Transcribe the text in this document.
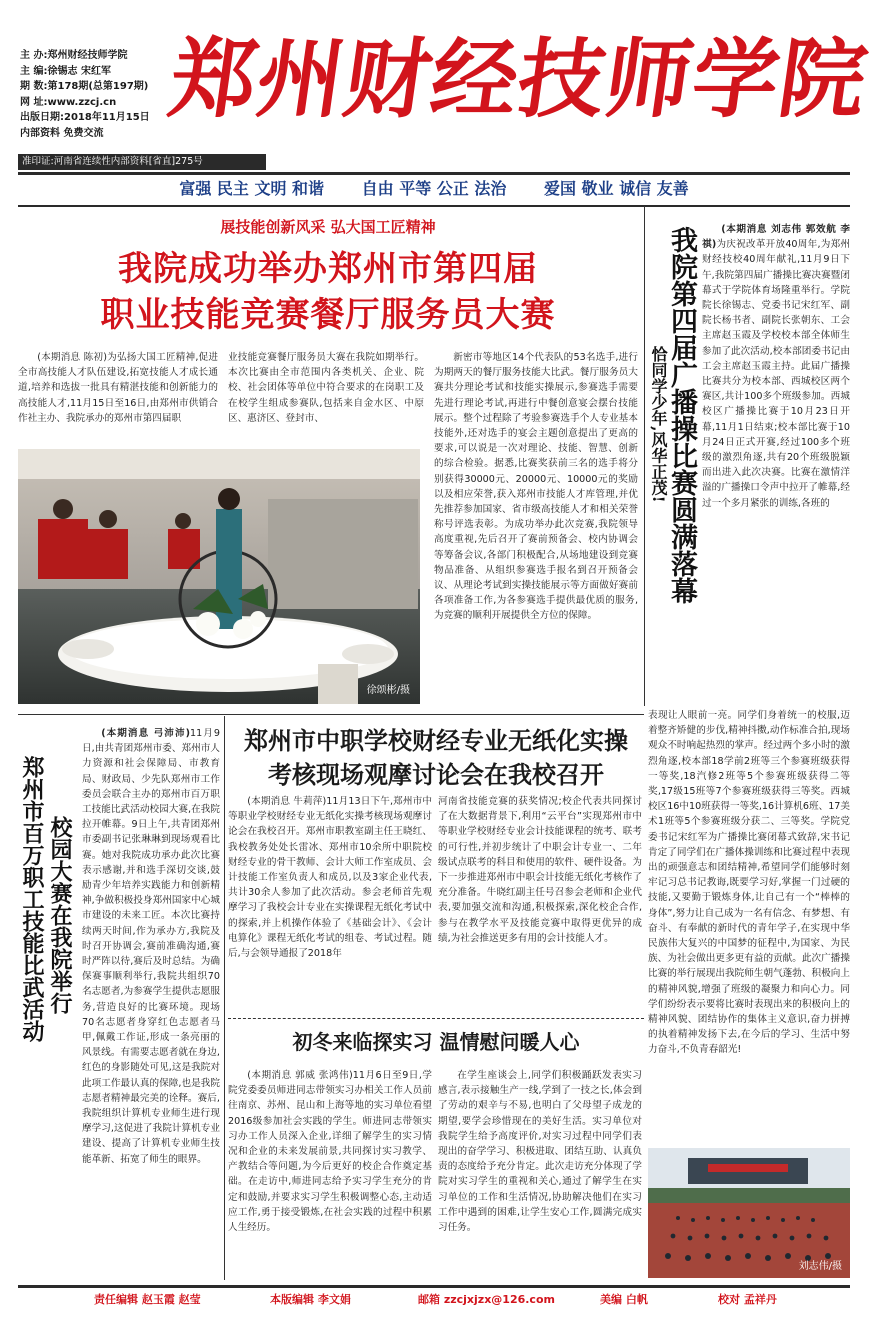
主 办:郑州财经技师学院
主 编:徐锡志 宋红军
期 数:第178期(总第197期)
网 址:www.zzcj.cn
出版日期:2018年11月15日
内部资料 免费交流
准印证:河南省连续性内部资料[省直]275号
郑州财经技师学院
富强 民主 文明 和谐 自由 平等 公正 法治 爱国 敬业 诚信 友善
展技能创新风采 弘大国工匠精神
我院成功举办郑州市第四届
职业技能竞赛餐厅服务员大赛

(本期消息 陈初)为弘扬大国工匠精神,促进全市高技能人才队伍建设,拓宽技能人才成长通道,培养和选拔一批具有精湛技能和创新能力的高技能人才,11月15日至16日,由郑州市供销合作社主办、我院承办的郑州市第四届职

业技能竞赛餐厅服务员大赛在我院如期举行。本次比赛由全市范围内各类机关、企业、院校、社会团体等单位中符合要求的在岗职工及在校学生组成参赛队,包括来自金水区、中原区、惠济区、登封市、

新密市等地区14个代表队的53名选手,进行为期两天的餐厅服务技能大比武。餐厅服务员大赛共分理论考试和技能实操展示,参赛选手需要先进行理论考试,再进行中餐创意宴会摆台技能展示。整个过程除了考验参赛选手个人专业基本技能外,还对选手的宴会主题创意提出了更高的要求,可以说是一次对理论、技能、智慧、创新的综合检验。据悉,比赛奖获前三名的选手将分别获得30000元、20000元、10000元的奖励以及相应荣誉,获入郑州市技能人才库管理,并优先推荐参加国家、省市级高技能人才和相关荣誉称号评选表彰。为成功举办此次竞赛,我院领导高度重视,先后召开了赛前预备会、校内协调会等筹备会议,各部门积极配合,从场地建设到竞赛物品准备、从组织参赛选手报名到召开预备会议、从理论考试到实操技能展示等方面做好赛前各项准备工作,为各参赛选手提供最优质的服务,为竞赛的顺利开展提供全方位的保障。

徐颂彬/摄
我院第四届广播操比赛圆满落幕
恰同学少年,风华正茂!

(本期消息 刘志伟 郭效航 李祺)为庆祝改革开放40周年,为郑州财经技校40周年献礼,11月9日下午,我院第四届广播操比赛决赛暨闭幕式于学院体育场隆重举行。学院院长徐锡志、党委书记宋红军、副院长杨书者、副院长张朝东、工会主席赵玉霞及学校校本部全体师生参加了此次活动,校本部团委书记由工会主席赵玉霞主持。此届广播操比赛共分为校本部、西城校区两个赛区,共计100多个班级参加。西城校区广播操比赛于10月23日开幕,11月1日结束;校本部比赛于10月24日正式开赛,经过100多个班级的激烈角逐,共有20个班级脱颖而出进入此次决赛。比赛在激情洋溢的广播操口令声中拉开了帷幕,经过一个多月紧张的训练,各班的

表现让人眼前一亮。同学们身着统一的校服,迈着整齐矫健的步伐,精神抖擞,动作标准合拍,现场观众不时响起热烈的掌声。经过两个多小时的激烈角逐,校本部18学前2班等三个参赛班级获得一等奖,18汽修2班等5个参赛班级获得二等奖,17级15班等7个参赛班级获得三等奖。西城校区16中10班获得一等奖,16计算机6班、17美术1班等5个参赛班级分获二、三等奖。学院党委书记宋红军为广播操比赛闭幕式致辞,宋书记肯定了同学们在广播体操训练和比赛过程中表现出的顽强意志和团结精神,希望同学们能够时刻牢记习总书记教诲,既要学习好,掌握一门过硬的技能,又要勤于锻炼身体,让自己有一个“棒棒的身体”,努力让自己成为一名有信念、有梦想、有奋斗、有奉献的新时代的青年学子,在实现中华民族伟大复兴的中国梦的征程中,为国家、为民族、为社会做出更多更有益的贡献。此次广播操比赛的举行展现出我院师生朝气蓬勃、积极向上的精神风貌,增强了班级的凝聚力和向心力。同学们纷纷表示要将比赛时表现出来的积极向上的精神风貌、团结协作的集体主义意识,奋力拼搏的执着精神发扬下去,在今后的学习、生活中努力奋斗,不负青春韶光!

刘志伟/摄
郑州市百万职工技能比武活动 校园大赛在我院举行

(本期消息 弓沛沛)11月9日,由共青团郑州市委、郑州市人力资源和社会保障局、市教育局、财政局、少先队郑州市工作委员会联合主办的郑州市百万职工技能比武活动校园大赛,在我院拉开帷幕。9日上午,共青团郑州市委副书记张琳琳到现场观看比赛。她对我院成功承办此次比赛表示感谢,并和选手深切交谈,鼓励青少年培养实践能力和创新精神,争做积极投身郑州国家中心城市建设的未来工匠。本次比赛持续两天时间,作为承办方,我院及时召开协调会,赛前准确沟通,赛时严阵以待,赛后及时总结。为确保赛事顺利举行,我院共组织70名志愿者,为参赛学生提供志愿服务,营造良好的比赛环境。现场70名志愿者身穿红色志愿者马甲,佩戴工作证,形成一条亮丽的风景线。有需要志愿者就在身边,红色的身影随处可见,这是我院对此项工作最认真的保障,也是我院志愿者精神最完美的诠释。赛后,我院组织计算机专业师生进行现摩学习,这促进了我院计算机专业建设、提高了计算机专业师生技能革新、拓宽了师生的眼界。

郑州市中职学校财经专业无纸化实操
考核现场观摩讨论会在我校召开

(本期消息 牛莉萍)11月13日下午,郑州市中等职业学校财经专业无纸化实操考核现场观摩讨论会在我校召开。郑州市职教室副主任王晓红、我校教务处处长雷冰、郑州市10余所中职院校财经专业的骨干教师、会计大师工作室成员、会计技能工作室负责人和成员,以及3家企业代表,共计30余人参加了此次活动。参会老师首先观摩学习了我校会计专业在实操课程无纸化考试中的探索,并上机操作体验了《基础会计》、《会计电算化》课程无纸化考试的组卷、考试过程。随后,与会领导通报了2018年

河南省技能竞赛的获奖情况;校企代表共同探讨了在大数据背景下,利用“云平台”实现郑州市中等职业学校财经专业会计技能课程的统考、联考的可行性,并初步统计了中职会计专业一、二年级试点联考的科目和使用的软件、硬件设备。为下一步推进郑州市中职会计技能无纸化考核作了充分准备。牛晓红副主任号召参会老师和企业代表,要加强交流和沟通,积极探索,深化校企合作,参与在教学水平及技能竞赛中取得更优异的成绩,为社会推送更多有用的会计技能人才。

初冬来临探实习 温情慰问暖人心

(本期消息 郭威 张鸿伟)11月6日至9日,学院党委委员师进同志带领实习办相关工作人员前往南京、苏州、昆山和上海等地的实习单位看望2016级参加社会实践的学生。师进同志带领实习办工作人员深入企业,详细了解学生的实习情况和企业的未来发展前景,共同探讨实习教学、产教结合等问题,为今后更好的校企合作奠定基础。在走访中,师进同志给予实习学生充分的肯定和鼓励,并要求实习学生积极调整心态,主动适应工作,勇于接受锻炼,在社会实践的过程中积累人生经历。

在学生座谈会上,同学们积极踊跃发表实习感言,表示接触生产一线,学到了一技之长,体会到了劳动的艰辛与不易,也明白了父母望子成龙的期望,要学会珍惜现在的美好生活。实习单位对我院学生给予高度评价,对实习过程中同学们表现出的奋学学习、积极进取、团结互助、认真负责的态度给予充分肯定。此次走访充分体现了学院对实习学生的重视和关心,通过了解学生在实习单位的工作和生活情况,协助解决他们在实习工作中遇到的困难,让学生安心工作,圆满完成实习任务。

责任编辑 赵玉霞 赵莹	本版编辑 李文娟	邮箱 zzcjxjzx@126.com	美编 白帆	校对 孟祥丹
